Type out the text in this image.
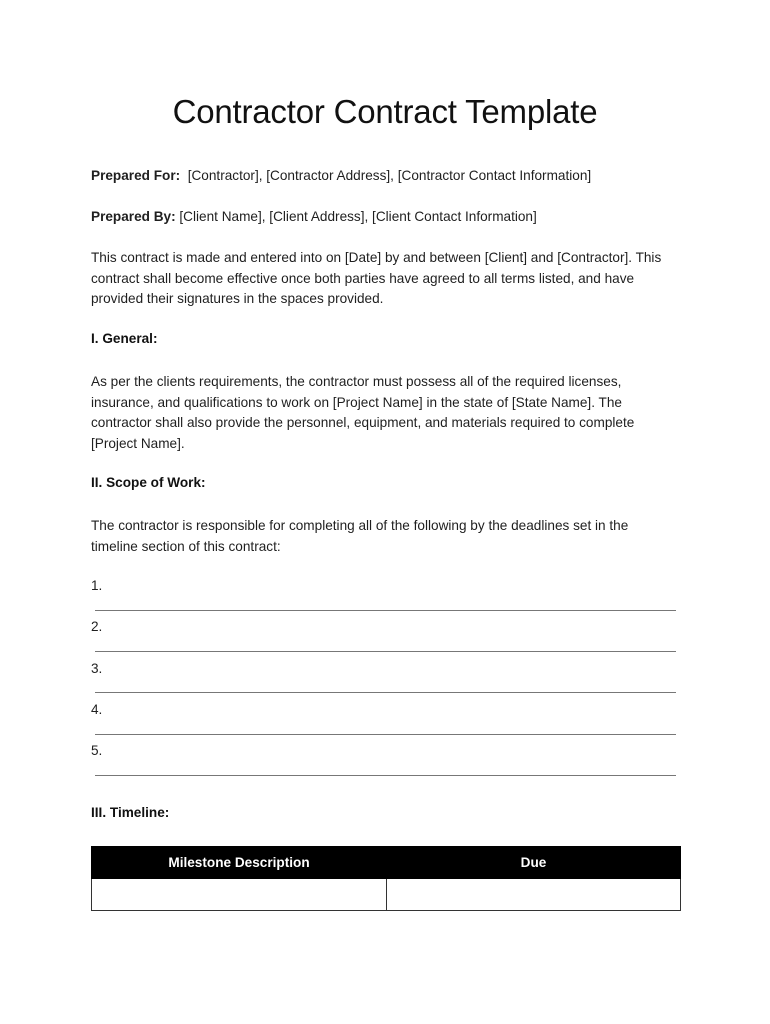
Contractor Contract Template
Prepared For: [Contractor], [Contractor Address], [Contractor Contact Information]
Prepared By: [Client Name], [Client Address], [Client Contact Information]
This contract is made and entered into on [Date] by and between [Client] and [Contractor]. This
contract shall become effective once both parties have agreed to all terms listed, and have
provided their signatures in the spaces provided.
I. General:
As per the clients requirements, the contractor must possess all of the required licenses,
insurance, and qualifications to work on [Project Name] in the state of [State Name]. The
contractor shall also provide the personnel, equipment, and materials required to complete
[Project Name].
II. Scope of Work:
The contractor is responsible for completing all of the following by the deadlines set in the
timeline section of this contract:
1.
2.
3.
4.
5.
III. Timeline:
Milestone Description	Due
